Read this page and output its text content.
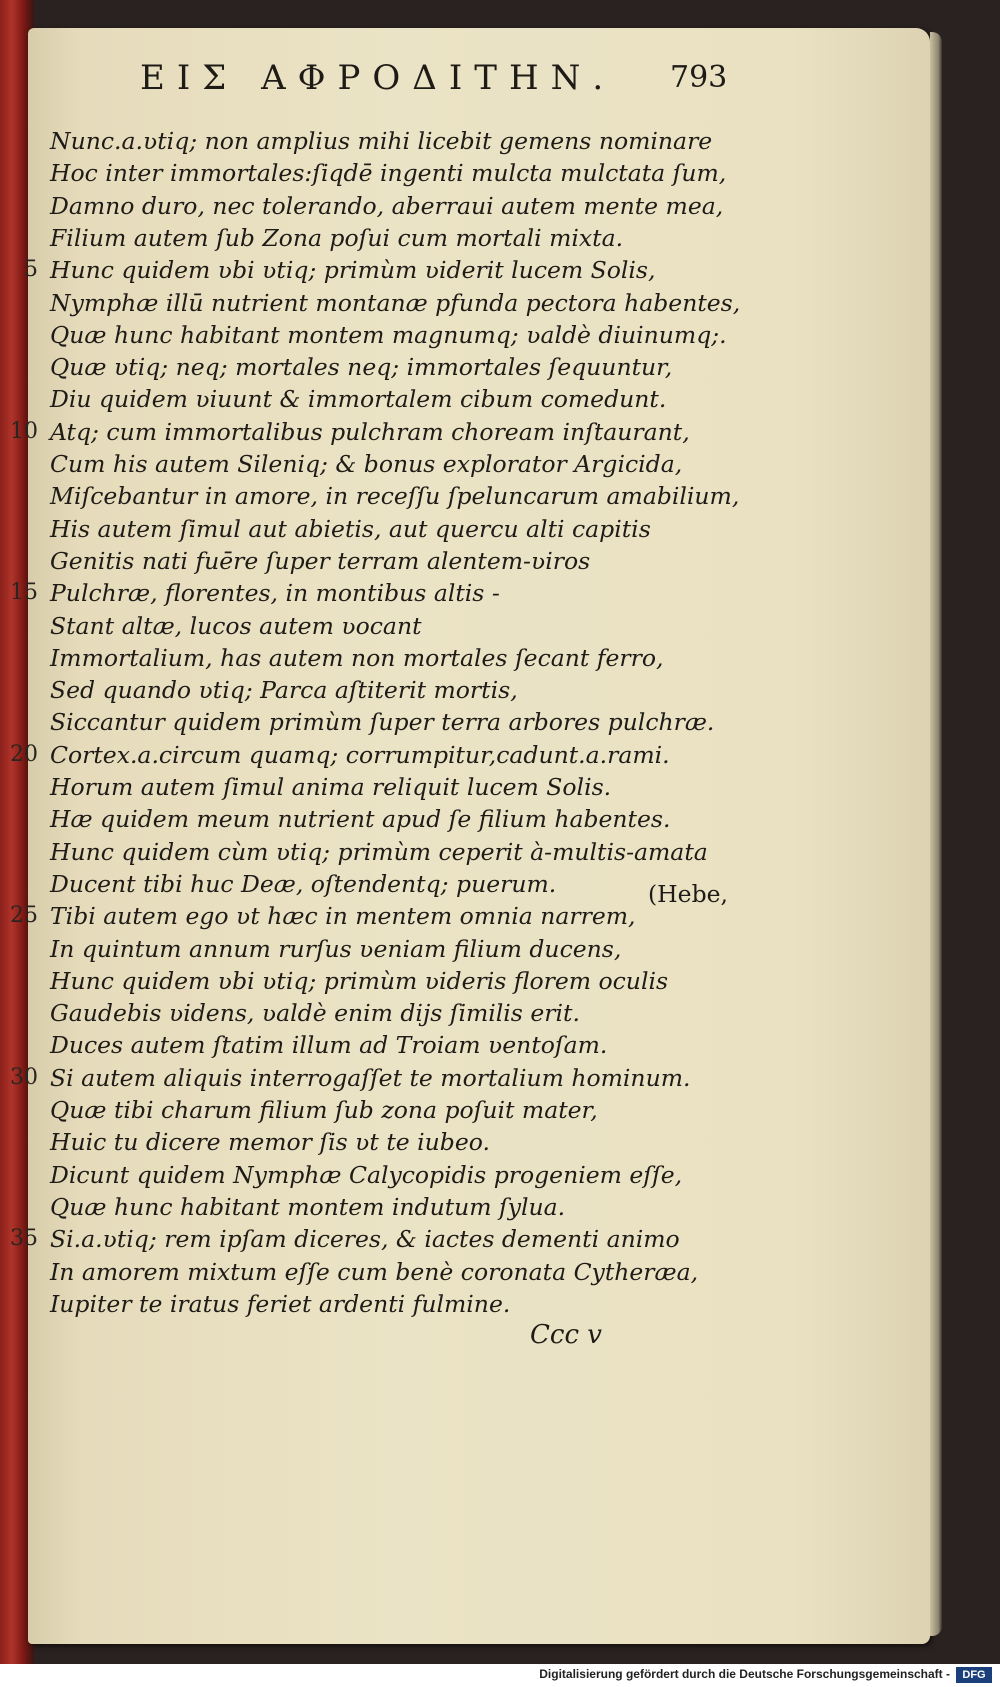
ΕΙΣ ΑΦΡΟΔΙΤΗΝ.	793
Nunc.a.ʋtiq; non amplius mihi licebit gemens nominare
Hoc inter immortales:ſiqdē ingenti mulcta mulctata ſum,
Damno duro, nec tolerando, aberraui autem mente mea,
Filium autem ſub Zona poſui cum mortali mixta.
Hunc quidem ʋbi ʋtiq; primùm ʋiderit lucem Solis,
5
Nymphæ illū nutrient montanæ pfunda pectora habentes,
Quæ hunc habitant montem magnumq; ʋaldè diuinumq;.
Quæ ʋtiq; neq; mortales neq; immortales ſequuntur,
Diu quidem ʋiuunt & immortalem cibum comedunt.
Atq; cum immortalibus pulchram choream inſtaurant,
10
Cum his autem Sileniq; & bonus explorator Argicida,
Miſcebantur in amore, in receſſu ſpeluncarum amabilium,
His autem ſimul aut abietis, aut quercu alti capitis
Genitis nati fuēre ſuper terram alentem-ʋiros
Pulchræ, florentes, in montibus altis -
15
Stant altæ, lucos autem ʋocant
Immortalium, has autem non mortales ſecant ferro,
Sed quando ʋtiq; Parca aſtiterit mortis,
Siccantur quidem primùm ſuper terra arbores pulchræ.
Cortex.a.circum quamq; corrumpitur,cadunt.a.rami.
20
Horum autem ſimul anima reliquit lucem Solis.
Hæ quidem meum nutrient apud ſe filium habentes.
Hunc quidem cùm ʋtiq; primùm ceperit à-multis-amata
Ducent tibi huc Deæ, oſtendentq; puerum.
Tibi autem ego ʋt hæc in mentem omnia narrem,
25
In quintum annum rurſus ʋeniam filium ducens,
Hunc quidem ʋbi ʋtiq; primùm ʋideris florem oculis
Gaudebis ʋidens, ʋaldè enim dijs ſimilis erit.
Duces autem ſtatim illum ad Troiam ʋentoſam.
Si autem aliquis interrogaſſet te mortalium hominum.
30
Quæ tibi charum filium ſub zona poſuit mater,
Huic tu dicere memor ſis ʋt te iubeo.
Dicunt quidem Nymphæ Calycopidis progeniem eſſe,
Quæ hunc habitant montem indutum ſylua.
Si.a.ʋtiq; rem ipſam diceres, & iactes dementi animo
35
In amorem mixtum eſſe cum benè coronata Cytheræa,
Iupiter te iratus feriet ardenti fulmine.
(Hebe,
Ccc v
Digitalisierung gefördert durch die Deutsche Forschungsgemeinschaft -	DFG
